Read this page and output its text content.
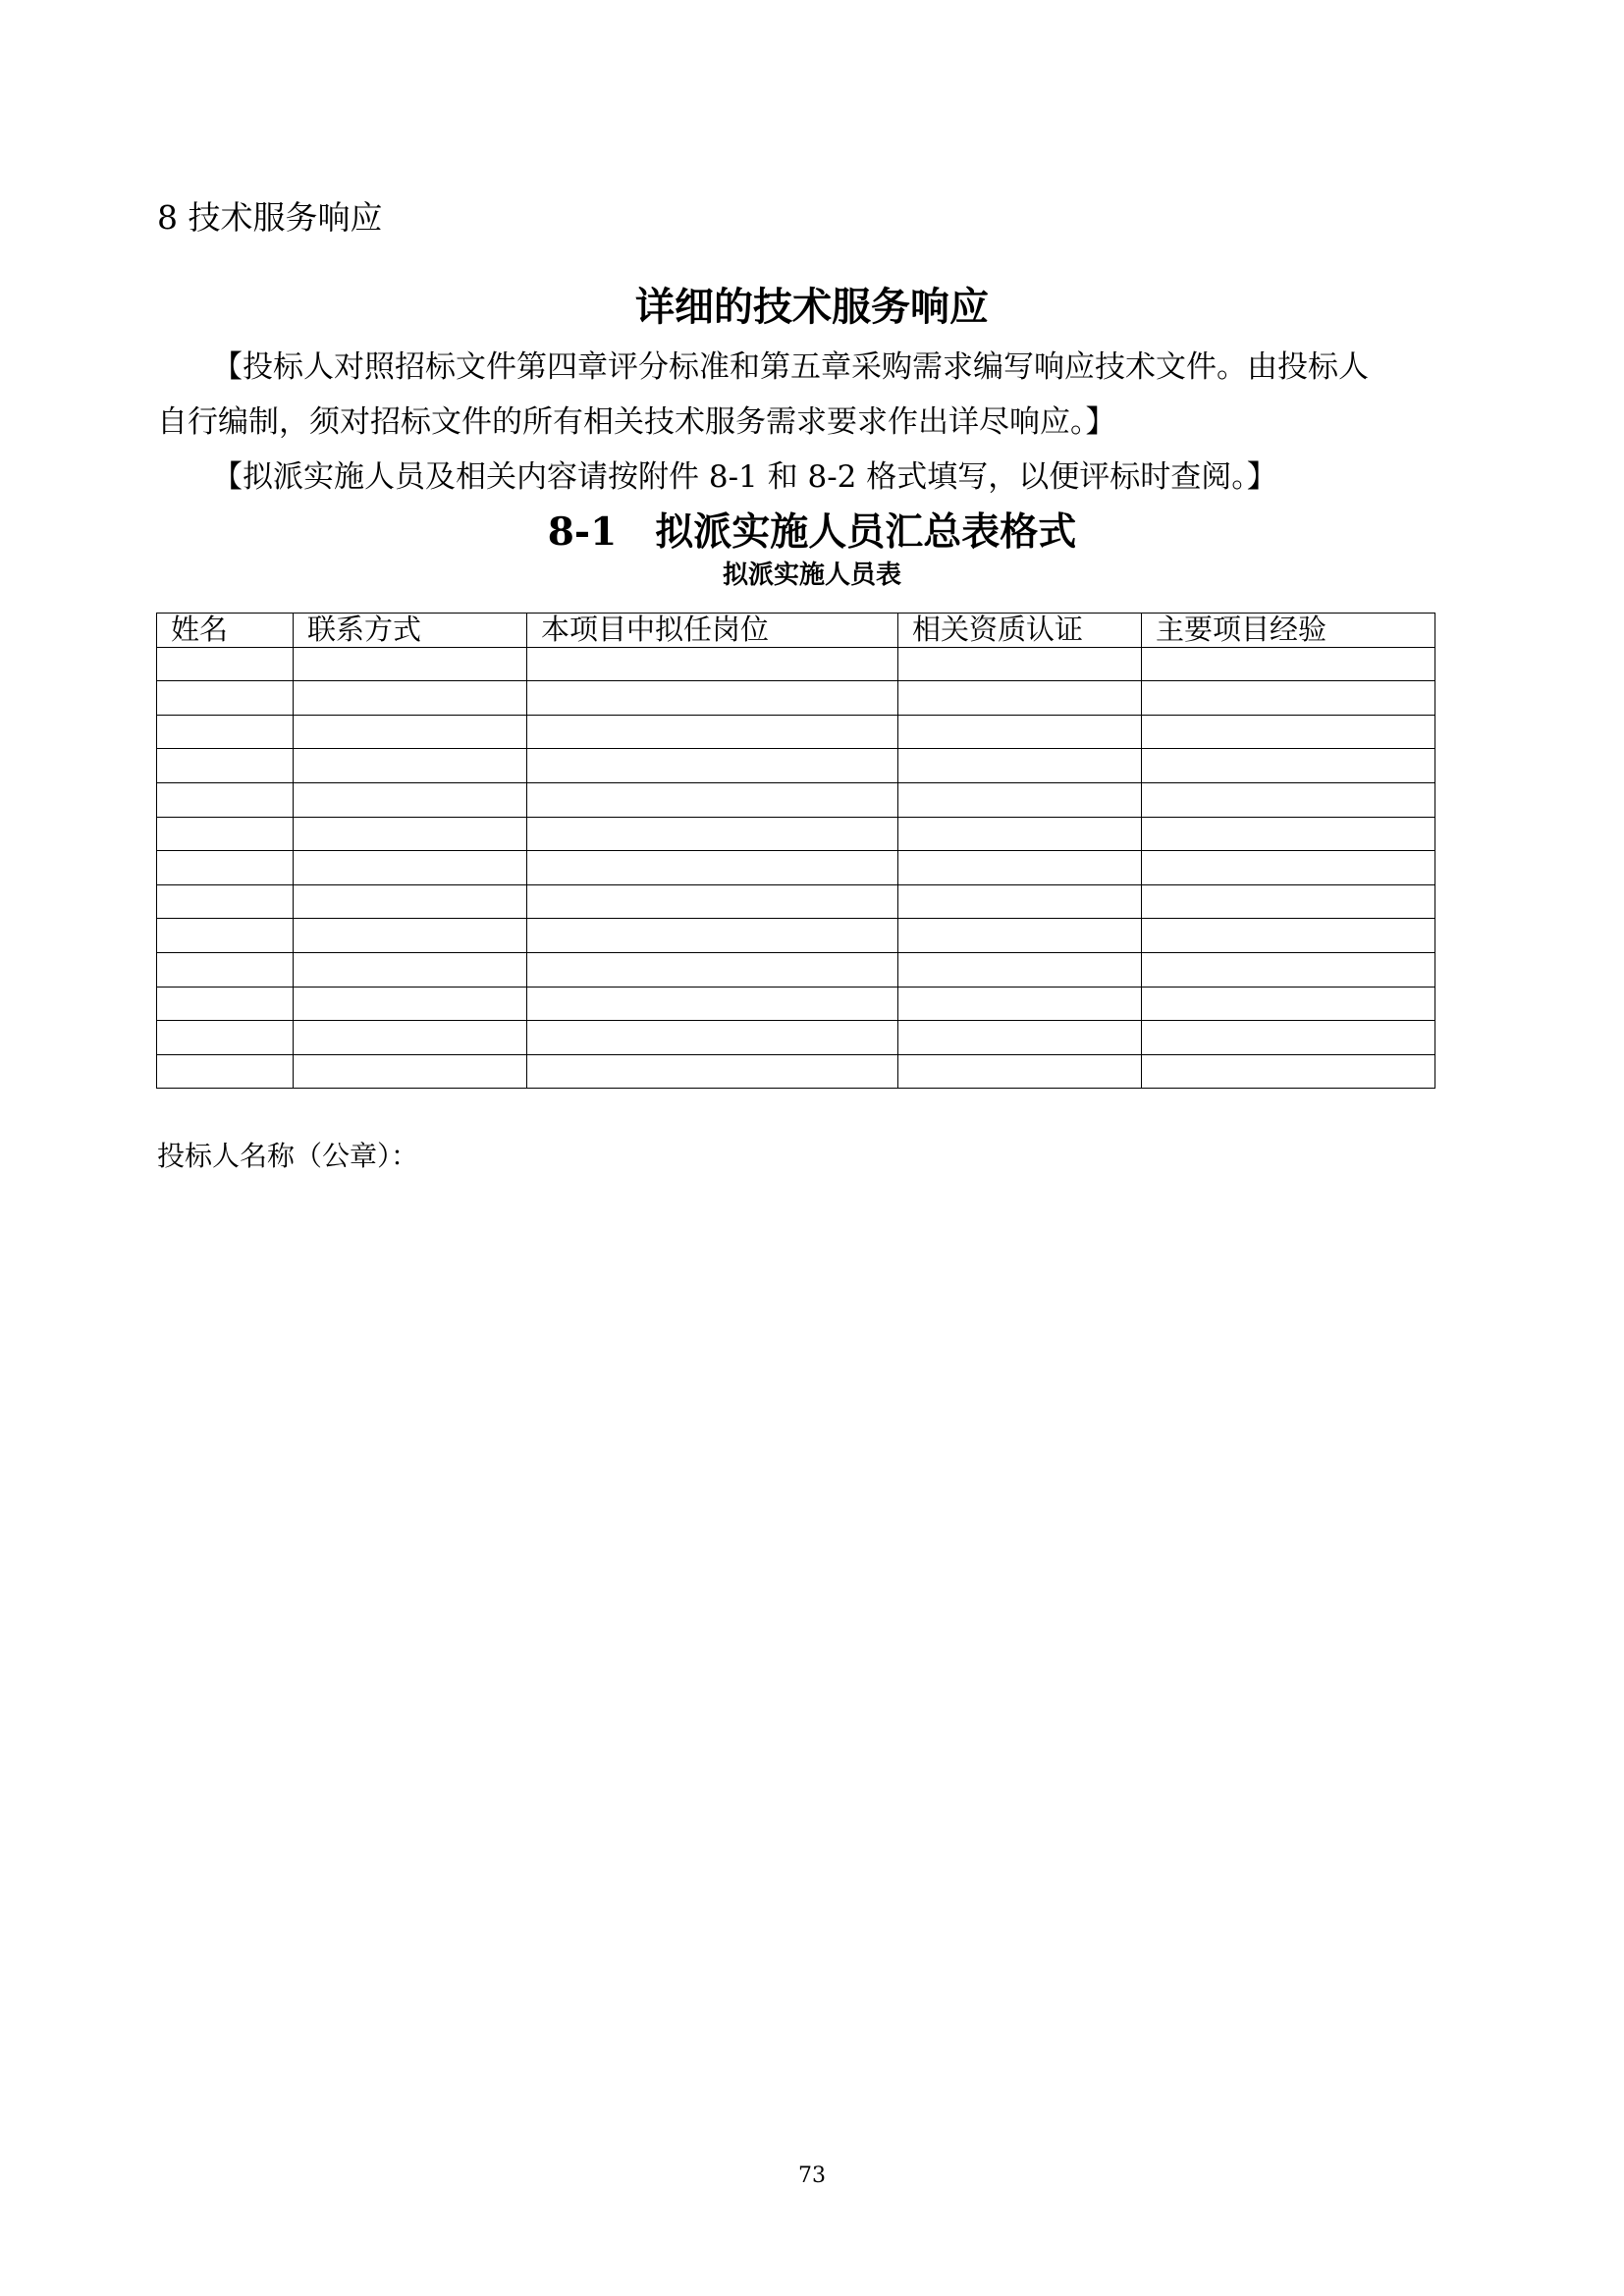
8 技术服务响应
详细的技术服务响应
【投标人对照招标文件第四章评分标准和第五章采购需求编写响应技术文件。由投标人
自行编制，须对招标文件的所有相关技术服务需求要求作出详尽响应。】
【拟派实施人员及相关内容请按附件 8-1 和 8-2 格式填写，以便评标时查阅。】
8-1　拟派实施人员汇总表格式
拟派实施人员表
姓名	联系方式	本项目中拟任岗位	相关资质认证	主要项目经验

投标人名称（公章）：
73
